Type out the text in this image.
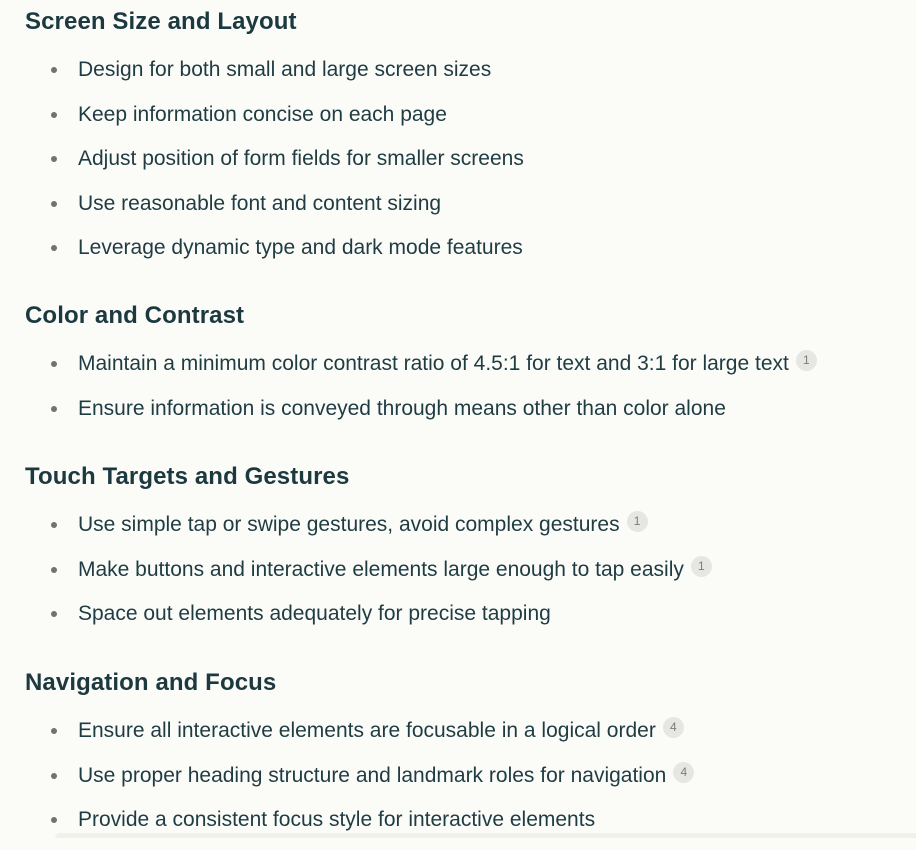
Screen Size and Layout
Design for both small and large screen sizes
Keep information concise on each page
Adjust position of form fields for smaller screens
Use reasonable font and content sizing
Leverage dynamic type and dark mode features
Color and Contrast
Maintain a minimum color contrast ratio of 4.5:1 for text and 3:1 for large text 1
Ensure information is conveyed through means other than color alone
Touch Targets and Gestures
Use simple tap or swipe gestures, avoid complex gestures 1
Make buttons and interactive elements large enough to tap easily 1
Space out elements adequately for precise tapping
Navigation and Focus
Ensure all interactive elements are focusable in a logical order 4
Use proper heading structure and landmark roles for navigation 4
Provide a consistent focus style for interactive elements
